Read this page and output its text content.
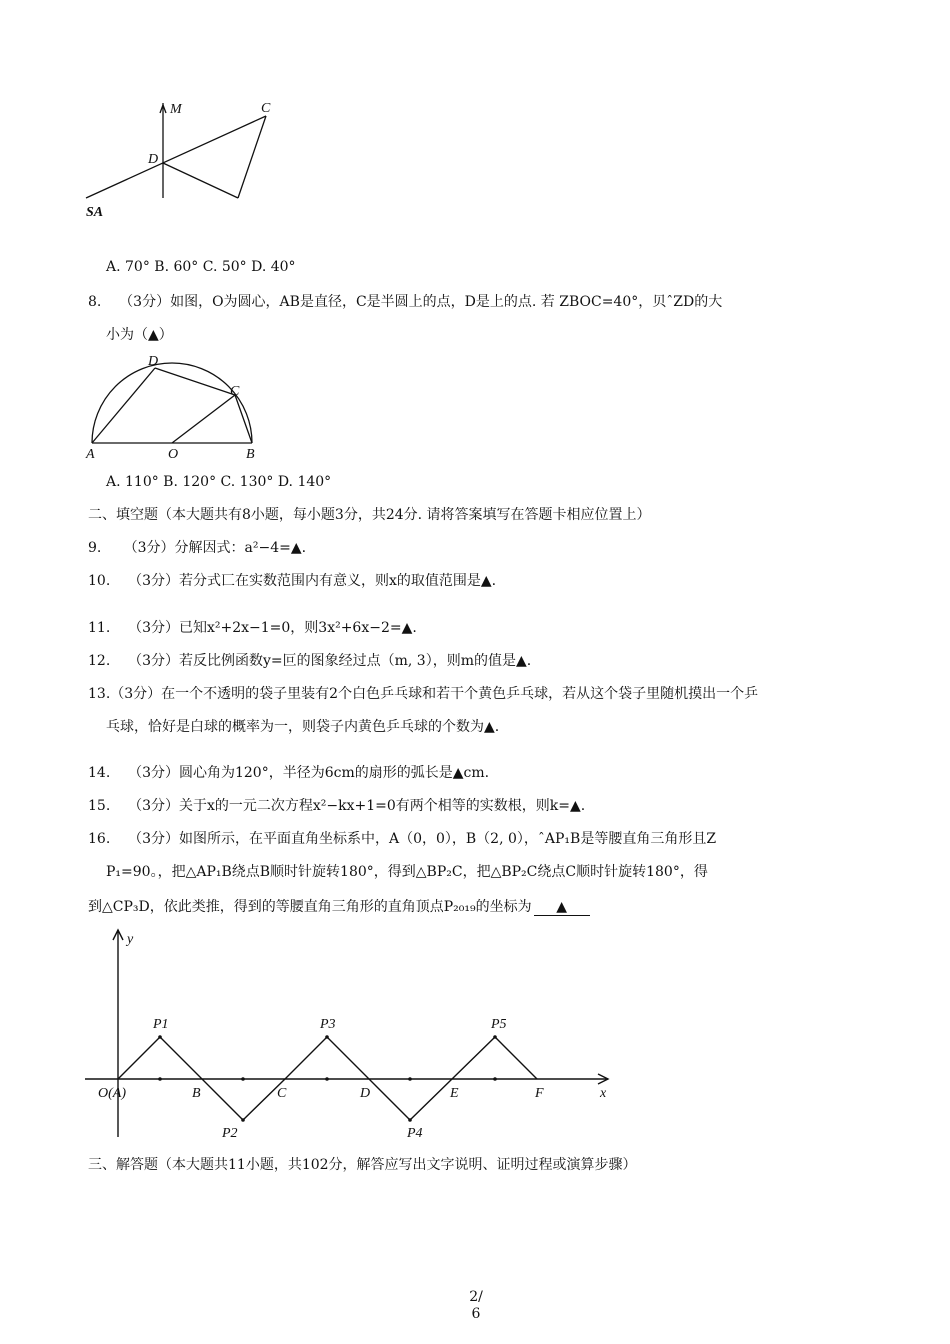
M	C
D
SA
A. 70° B. 60° C. 50° D. 40°
8.    （3分）如图，O为圆心，AB是直径，C是半圆上的点，D是上的点. 若 ZBOC=40°，贝ˆZD的大
小为（▲）
D
C
A	O	B
A. 110° B. 120° C. 130° D. 140°
二、填空题（本大题共有8小题，每小题3分，共24分. 请将答案填写在答题卡相应位置上）
9.     （3分）分解因式：a²−4=▲.
10.    （3分）若分式匸在实数范围内有意义，则x的取值范围是▲.
11.    （3分）已知x²+2x−1=0，则3x²+6x−2=▲.
12.    （3分）若反比例函数y=叵的图象经过点（m, 3），则m的值是▲.
13.（3分）在一个不透明的袋子里装有2个白色乒乓球和若干个黄色乒乓球，若从这个袋子里随机摸出一个乒
乓球，恰好是白球的概率为一，则袋子内黄色乒乓球的个数为▲.
14.    （3分）圆心角为120°，半径为6cm的扇形的弧长是▲cm.
15.    （3分）关于x的一元二次方程x²−kx+1=0有两个相等的实数根，则k=▲.
16.    （3分）如图所示，在平面直角坐标系中，A（0，0），B（2, 0），ˆAP₁B是等腰直角三角形且Z
P₁=90。，把△AP₁B绕点B顺时针旋转180°，得到△BP₂C，把△BP₂C绕点C顺时针旋转180°，得
到△CP₃D，依此类推，得到的等腰直角三角形的直角顶点P₂₀₁₉的坐标为 ▲
y
x
O(A)
P1
P2
P3
P4
P5
B	C	D	E	F
三、解答题（本大题共11小题，共102分，解答应写出文字说明、证明过程或演算步骤）
2/
6
